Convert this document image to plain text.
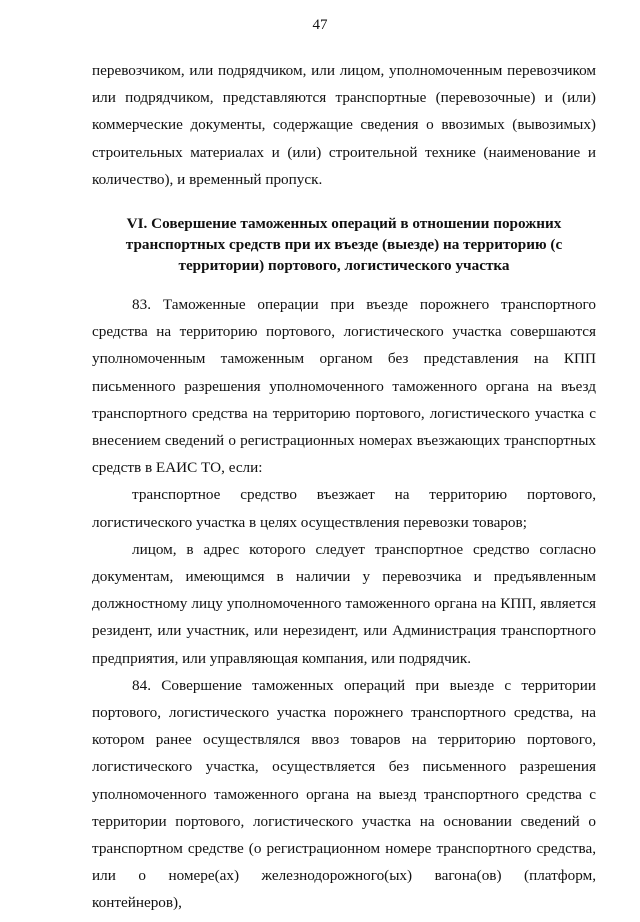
47

перевозчиком, или подрядчиком, или лицом, уполномоченным перевозчиком или подрядчиком, представляются транспортные (перевозочные) и (или) коммерческие документы, содержащие сведения о ввозимых (вывозимых) строительных материалах и (или) строительной технике (наименование и количество), и временный пропуск.

VI. Совершение таможенных операций в отношении порожних транспортных средств при их въезде (выезде) на территорию (с территории) портового, логистического участка

83. Таможенные операции при въезде порожнего транспортного средства на территорию портового, логистического участка совершаются уполномоченным таможенным органом без представления на КПП письменного разрешения уполномоченного таможенного органа на въезд транспортного средства на территорию портового, логистического участка с внесением сведений о регистрационных номерах въезжающих транспортных средств в ЕАИС ТО, если:

транспортное средство въезжает на территорию портового, логистического участка в целях осуществления перевозки товаров;

лицом, в адрес которого следует транспортное средство согласно документам, имеющимся в наличии у перевозчика и предъявленным должностному лицу уполномоченного таможенного органа на КПП, является резидент, или участник, или нерезидент, или Администрация транспортного предприятия, или управляющая компания, или подрядчик.

84. Совершение таможенных операций при выезде с территории портового, логистического участка порожнего транспортного средства, на котором ранее осуществлялся ввоз товаров на территорию портового, логистического участка, осуществляется без письменного разрешения уполномоченного таможенного органа на выезд транспортного средства с территории портового, логистического участка на основании сведений о транспортном средстве (о регистрационном номере транспортного средства, или о номере(ах) железнодорожного(ых) вагона(ов) (платформ, контейнеров),
